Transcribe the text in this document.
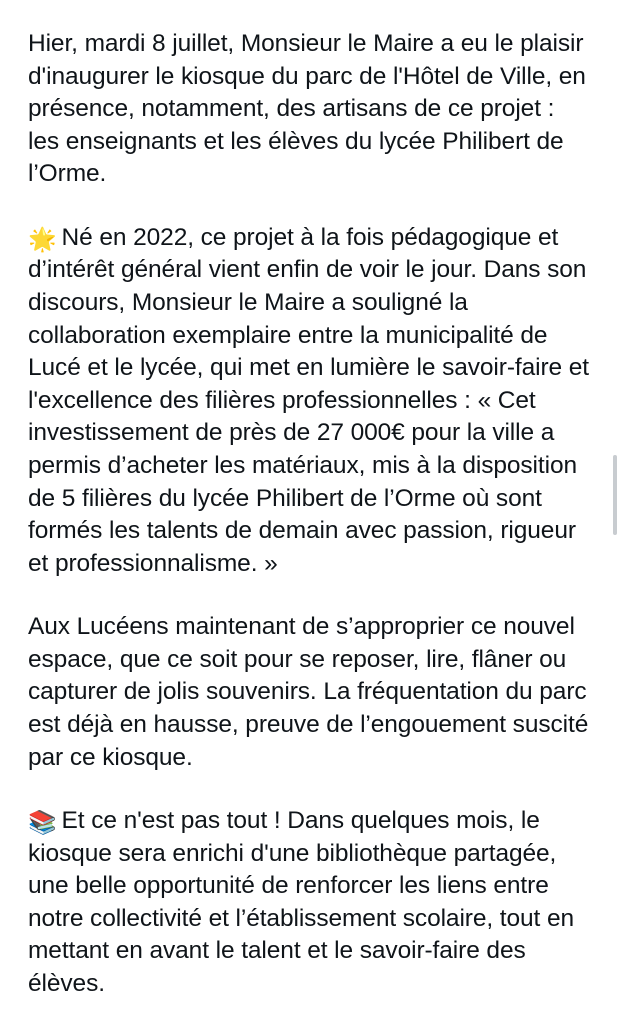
Hier, mardi 8 juillet, Monsieur le Maire a eu le plaisir d'inaugurer le kiosque du parc de l'Hôtel de Ville, en présence, notamment, des artisans de ce projet : les enseignants et les élèves du lycée Philibert de l’Orme.

🌟 Né en 2022, ce projet à la fois pédagogique et d’intérêt général vient enfin de voir le jour. Dans son discours, Monsieur le Maire a souligné la collaboration exemplaire entre la municipalité de Lucé et le lycée, qui met en lumière le savoir-faire et l'excellence des filières professionnelles : « Cet investissement de près de 27 000€ pour la ville a permis d’acheter les matériaux, mis à la disposition de 5 filières du lycée Philibert de l’Orme où sont formés les talents de demain avec passion, rigueur et professionnalisme. »

Aux Lucéens maintenant de s’approprier ce nouvel espace, que ce soit pour se reposer, lire, flâner ou capturer de jolis souvenirs. La fréquentation du parc est déjà en hausse, preuve de l’engouement suscité par ce kiosque.

📚 Et ce n'est pas tout ! Dans quelques mois, le kiosque sera enrichi d'une bibliothèque partagée, une belle opportunité de renforcer les liens entre notre collectivité et l’établissement scolaire, tout en mettant en avant le talent et le savoir-faire des élèves.
